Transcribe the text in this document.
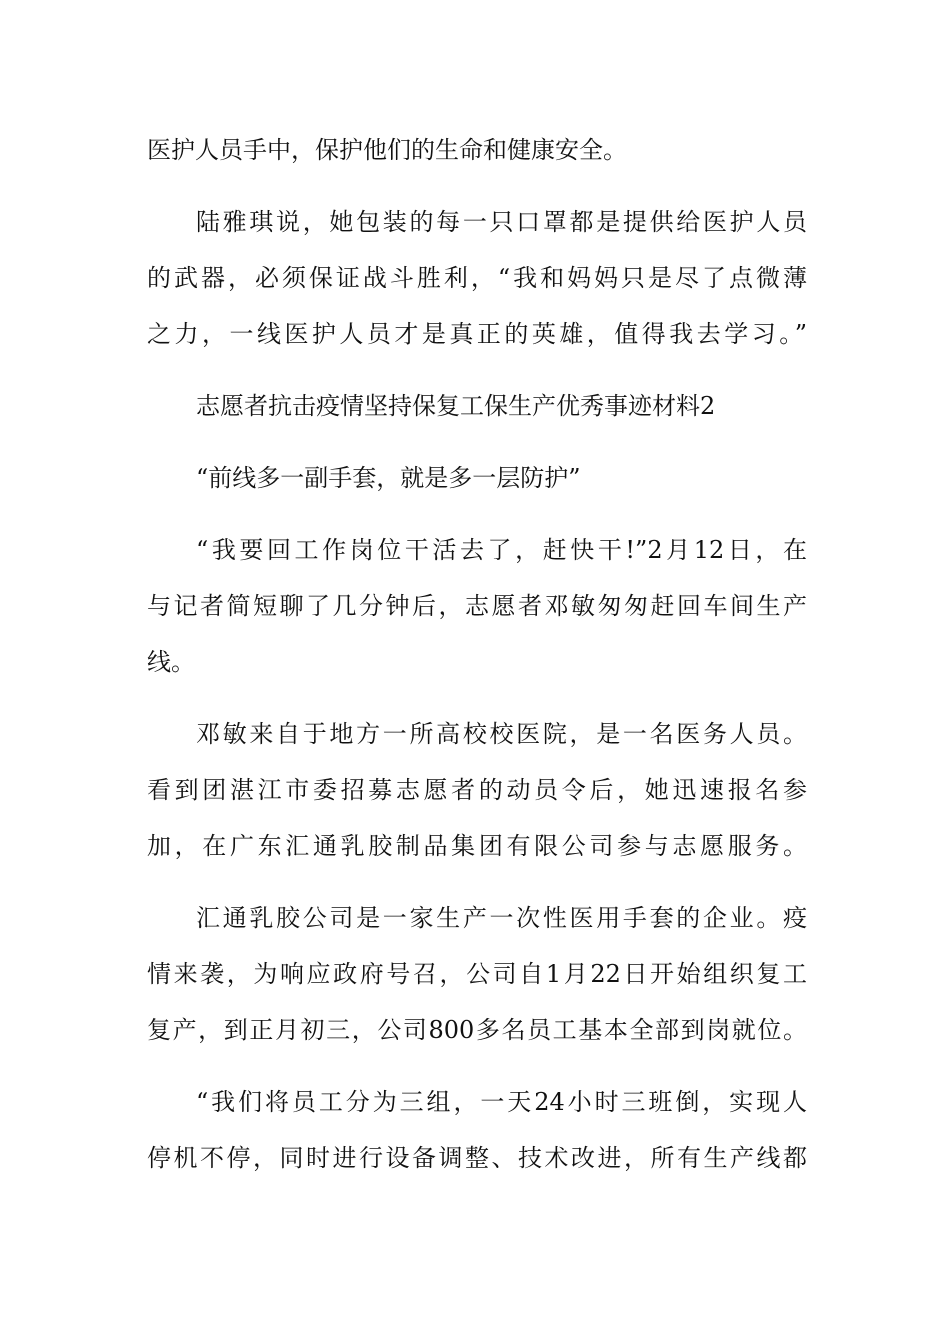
医护人员手中，保护他们的生命和健康安全。
陆雅琪说，她包装的每一只口罩都是提供给医护人员
的武器，必须保证战斗胜利，“我和妈妈只是尽了点微薄
之力，一线医护人员才是真正的英雄，值得我去学习。”
志愿者抗击疫情坚持保复工保生产优秀事迹材料2
“前线多一副手套，就是多一层防护”
“我要回工作岗位干活去了，赶快干!”2月12日，在
与记者简短聊了几分钟后，志愿者邓敏匆匆赶回车间生产
线。
邓敏来自于地方一所高校校医院，是一名医务人员。
看到团湛江市委招募志愿者的动员令后，她迅速报名参
加，在广东汇通乳胶制品集团有限公司参与志愿服务。
汇通乳胶公司是一家生产一次性医用手套的企业。疫
情来袭，为响应政府号召，公司自1月22日开始组织复工
复产，到正月初三，公司800多名员工基本全部到岗就位。
“我们将员工分为三组，一天24小时三班倒，实现人
停机不停，同时进行设备调整、技术改进，所有生产线都
